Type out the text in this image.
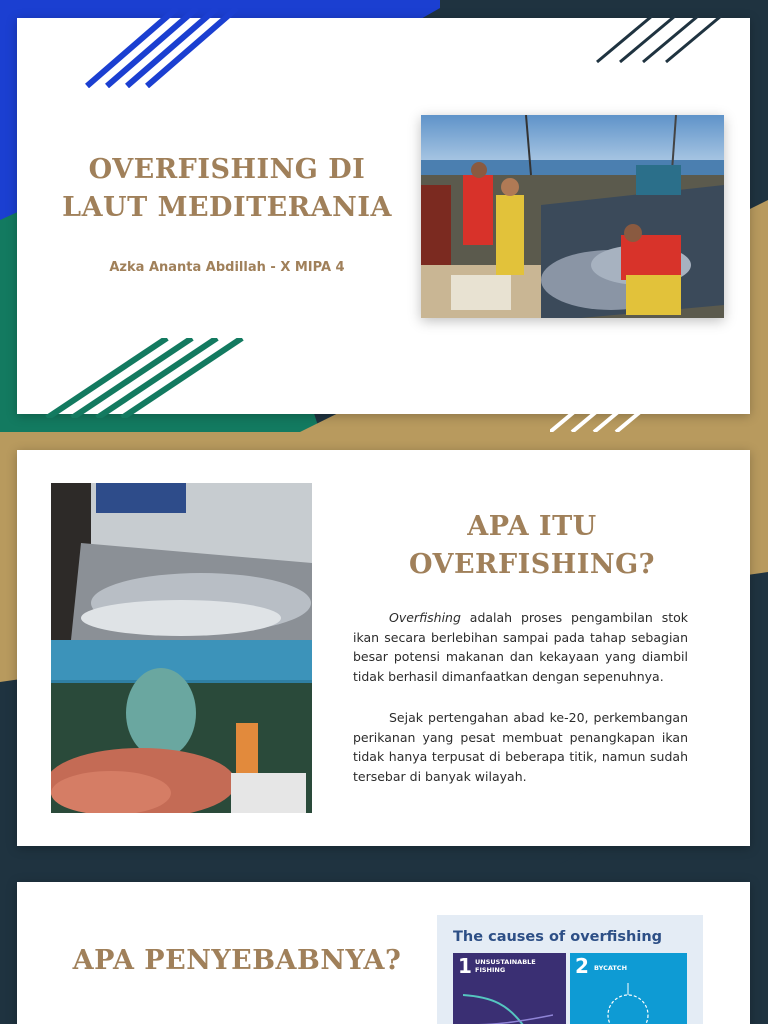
OVERFISHING DI
LAUT MEDITERANIA
Azka Ananta Abdillah - X MIPA 4
APA ITU
OVERFISHING?

Overfishing adalah proses pengambilan stok ikan secara berlebihan sampai pada tahap sebagian besar potensi makanan dan kekayaan yang diambil tidak berhasil dimanfaatkan dengan sepenuhnya.

Sejak pertengahan abad ke-20, perkembangan perikanan yang pesat membuat penangkapan ikan tidak hanya terpusat di beberapa titik, namun sudah tersebar di banyak wilayah.

APA PENYEBABNYA?
The causes of overfishing
1 UNSUSTAINABLE FISHING	2 BYCATCH
